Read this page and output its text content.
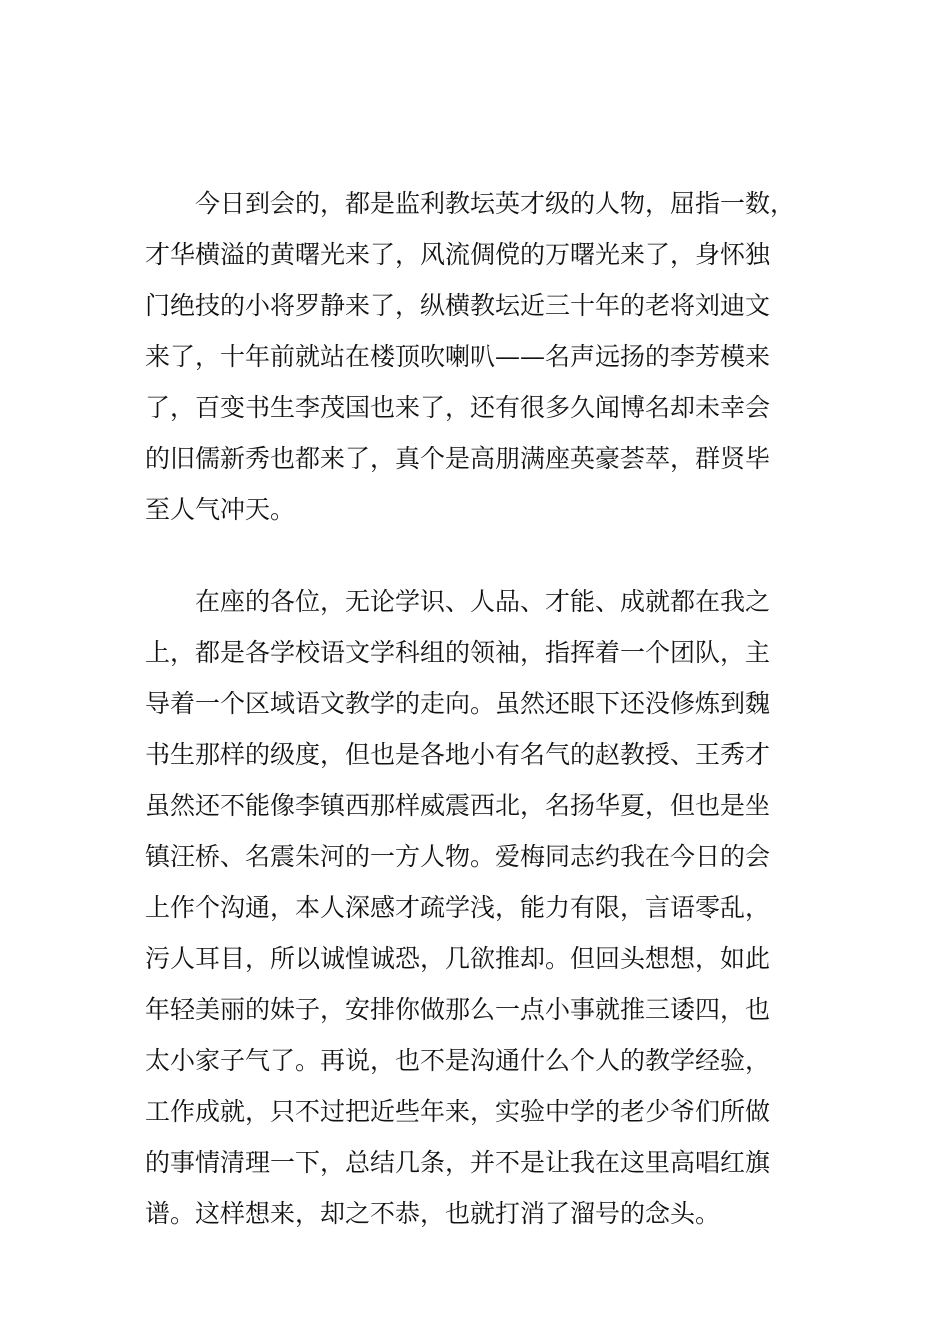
　　今日到会的，都是监利教坛英才级的人物，屈指一数，
才华横溢的黄曙光来了，风流倜傥的万曙光来了，身怀独
门绝技的小将罗静来了，纵横教坛近三十年的老将刘迪文
来了，十年前就站在楼顶吹喇叭——名声远扬的李芳模来
了，百变书生李茂国也来了，还有很多久闻博名却未幸会
的旧儒新秀也都来了，真个是高朋满座英豪荟萃，群贤毕
至人气冲天。
　　在座的各位，无论学识、人品、才能、成就都在我之
上，都是各学校语文学科组的领袖，指挥着一个团队，主
导着一个区域语文教学的走向。虽然还眼下还没修炼到魏
书生那样的级度，但也是各地小有名气的赵教授、王秀才
虽然还不能像李镇西那样威震西北，名扬华夏，但也是坐
镇汪桥、名震朱河的一方人物。爱梅同志约我在今日的会
上作个沟通，本人深感才疏学浅，能力有限，言语零乱，
污人耳目，所以诚惶诚恐，几欲推却。但回头想想，如此
年轻美丽的妹子，安排你做那么一点小事就推三诿四，也
太小家子气了。再说，也不是沟通什么个人的教学经验，
工作成就，只不过把近些年来，实验中学的老少爷们所做
的事情清理一下，总结几条，并不是让我在这里高唱红旗
谱。这样想来，却之不恭，也就打消了溜号的念头。
